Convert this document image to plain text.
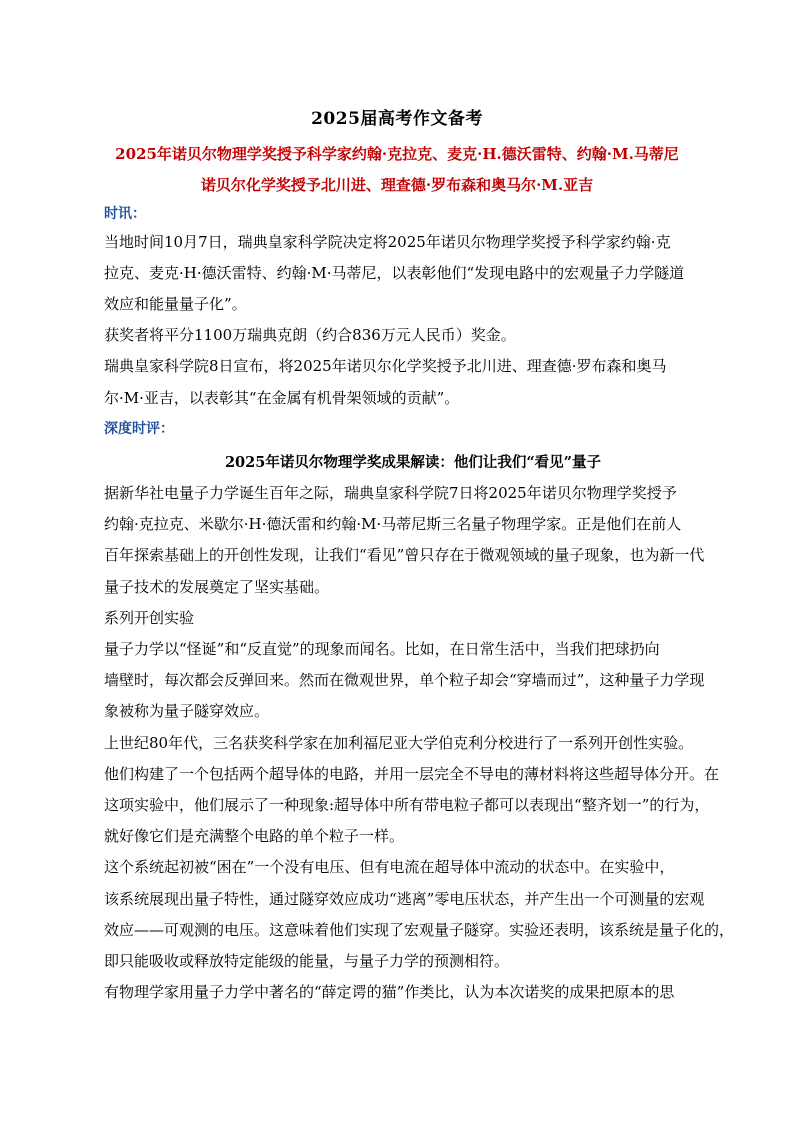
2025届高考作文备考
2025年诺贝尔物理学奖授予科学家约翰·克拉克、麦克·H.德沃雷特、约翰·M.马蒂尼
诺贝尔化学奖授予北川进、理查德·罗布森和奥马尔·M.亚吉
时讯：
当地时间10月7日，瑞典皇家科学院决定将2025年诺贝尔物理学奖授予科学家约翰·克
拉克、麦克·H·德沃雷特、约翰·M·马蒂尼，以表彰他们“发现电路中的宏观量子力学隧道
效应和能量量子化”。
获奖者将平分1100万瑞典克朗（约合836万元人民币）奖金。
瑞典皇家科学院8日宣布，将2025年诺贝尔化学奖授予北川进、理查德·罗布森和奥马
尔·M·亚吉，以表彰其“在金属有机骨架领域的贡献”。
深度时评：
2025年诺贝尔物理学奖成果解读：他们让我们“看见”量子
据新华社电量子力学诞生百年之际，瑞典皇家科学院7日将2025年诺贝尔物理学奖授予
约翰·克拉克、米歇尔·H·德沃雷和约翰·M·马蒂尼斯三名量子物理学家。正是他们在前人
百年探索基础上的开创性发现，让我们“看见”曾只存在于微观领域的量子现象，也为新一代
量子技术的发展奠定了坚实基础。
系列开创实验
量子力学以“怪诞”和“反直觉”的现象而闻名。比如，在日常生活中，当我们把球扔向
墙壁时，每次都会反弹回来。然而在微观世界，单个粒子却会“穿墙而过”，这种量子力学现
象被称为量子隧穿效应。
上世纪80年代，三名获奖科学家在加利福尼亚大学伯克利分校进行了一系列开创性实验。
他们构建了一个包括两个超导体的电路，并用一层完全不导电的薄材料将这些超导体分开。在
这项实验中，他们展示了一种现象:超导体中所有带电粒子都可以表现出“整齐划一”的行为，
就好像它们是充满整个电路的单个粒子一样。
这个系统起初被“困在”一个没有电压、但有电流在超导体中流动的状态中。在实验中，
该系统展现出量子特性，通过隧穿效应成功“逃离”零电压状态，并产生出一个可测量的宏观
效应——可观测的电压。这意味着他们实现了宏观量子隧穿。实验还表明，该系统是量子化的，
即只能吸收或释放特定能级的能量，与量子力学的预测相符。
有物理学家用量子力学中著名的“薛定谔的猫”作类比，认为本次诺奖的成果把原本的思
